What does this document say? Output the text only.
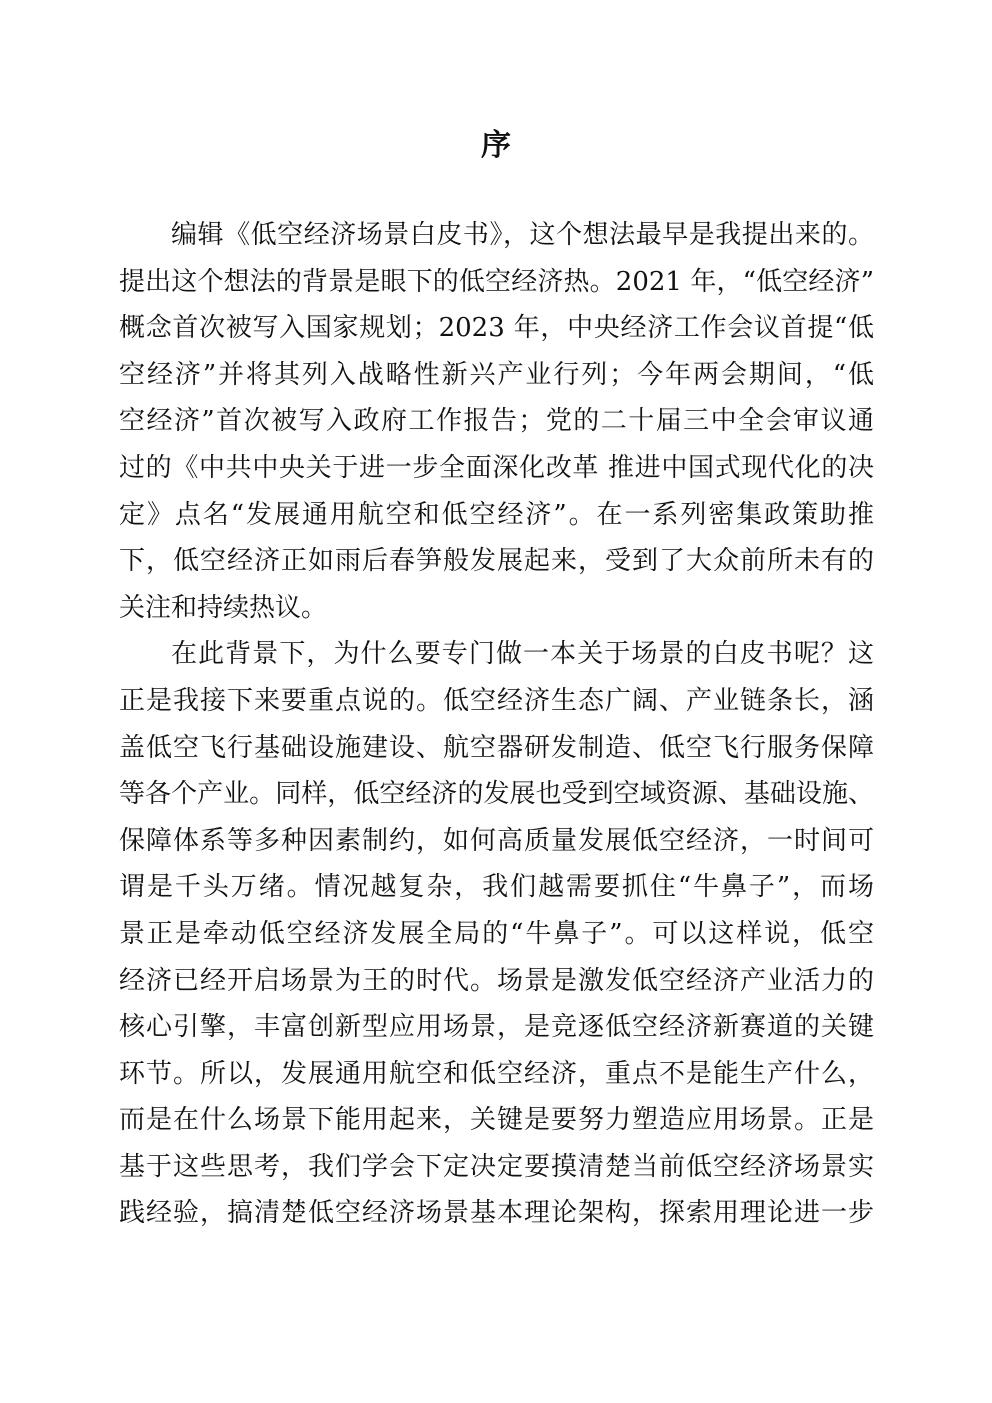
序
编辑《低空经济场景白皮书》，这个想法最早是我提出来的。
提出这个想法的背景是眼下的低空经济热。2021 年，“低空经济”
概念首次被写入国家规划；2023 年，中央经济工作会议首提“低
空经济”并将其列入战略性新兴产业行列；今年两会期间，“低
空经济”首次被写入政府工作报告；党的二十届三中全会审议通
过的《中共中央关于进一步全面深化改革 推进中国式现代化的决
定》点名“发展通用航空和低空经济”。在一系列密集政策助推
下，低空经济正如雨后春笋般发展起来，受到了大众前所未有的
关注和持续热议。
在此背景下，为什么要专门做一本关于场景的白皮书呢？这
正是我接下来要重点说的。低空经济生态广阔、产业链条长，涵
盖低空飞行基础设施建设、航空器研发制造、低空飞行服务保障
等各个产业。同样，低空经济的发展也受到空域资源、基础设施、
保障体系等多种因素制约，如何高质量发展低空经济，一时间可
谓是千头万绪。情况越复杂，我们越需要抓住“牛鼻子”，而场
景正是牵动低空经济发展全局的“牛鼻子”。可以这样说，低空
经济已经开启场景为王的时代。场景是激发低空经济产业活力的
核心引擎，丰富创新型应用场景，是竞逐低空经济新赛道的关键
环节。所以，发展通用航空和低空经济，重点不是能生产什么，
而是在什么场景下能用起来，关键是要努力塑造应用场景。正是
基于这些思考，我们学会下定决定要摸清楚当前低空经济场景实
践经验，搞清楚低空经济场景基本理论架构，探索用理论进一步
